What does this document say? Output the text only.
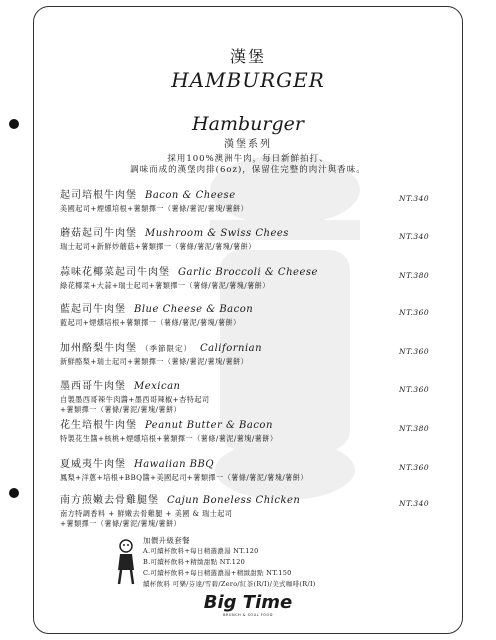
漢堡
HAMBURGER
Hamburger
漢堡系列
採用100%澳洲牛肉，每日新鮮拍打、
調味而成的漢堡肉排(6oz)，保留住完整的肉汁與香味。
起司培根牛肉堡 Bacon & Cheese
美國起司+煙燻培根+薯類擇一（薯條/薯泥/薯塊/薯餅）
NT.340
蘑菇起司牛肉堡 Mushroom & Swiss Chees
瑞士起司+新鮮炒蘑菇+薯類擇一（薯條/薯泥/薯塊/薯餅）
NT.340
蒜味花椰菜起司牛肉堡 Garlic Broccoli & Cheese
綠花椰菜+大蒜+瑞士起司+薯類擇一（薯條/薯泥/薯塊/薯餅）
NT.380
藍起司牛肉堡 Blue Cheese & Bacon
藍起司+煙燻培根+薯類擇一（薯條/薯泥/薯塊/薯餅）
NT.360
加州酪梨牛肉堡 （季節限定） Californian
新鮮酪梨+瑞士起司+薯類擇一（薯條/薯泥/薯塊/薯餅）
NT.360
墨西哥牛肉堡 Mexican
自製墨西哥辣牛肉醬+墨西哥辣椒+杏特起司
+薯類擇一（薯條/薯泥/薯塊/薯餅）
NT.360
花生培根牛肉堡 Peanut Butter & Bacon
特製花生醬+核桃+煙燻培根+薯類擇一（薯條/薯泥/薯塊/薯餅）
NT.380
夏威夷牛肉堡 Hawaiian BBQ
鳳梨+洋蔥+培根+BBQ醬+美國起司+薯類擇一（薯條/薯泥/薯塊/薯餅）
NT.360
南方煎嫩去骨雞腿堡 Cajun Boneless Chicken
南方特調香料 + 鮮嫩去骨雞腿 + 美國 & 瑞士起司
+薯類擇一（薯條/薯泥/薯塊/薯餅）
NT.340
加價升級套餐
A.可續杯飲料+每日精選濃湯 NT.120
B.可續杯飲料+精緻甜點 NT.120
C.可續杯飲料+每日精選濃湯+精緻甜點 NT.150
續杯飲料 可樂/芬達/雪碧/Zero/紅茶(R/I)/美式咖啡(R/I)
Big Time
BRUNCH & SOUL FOOD
